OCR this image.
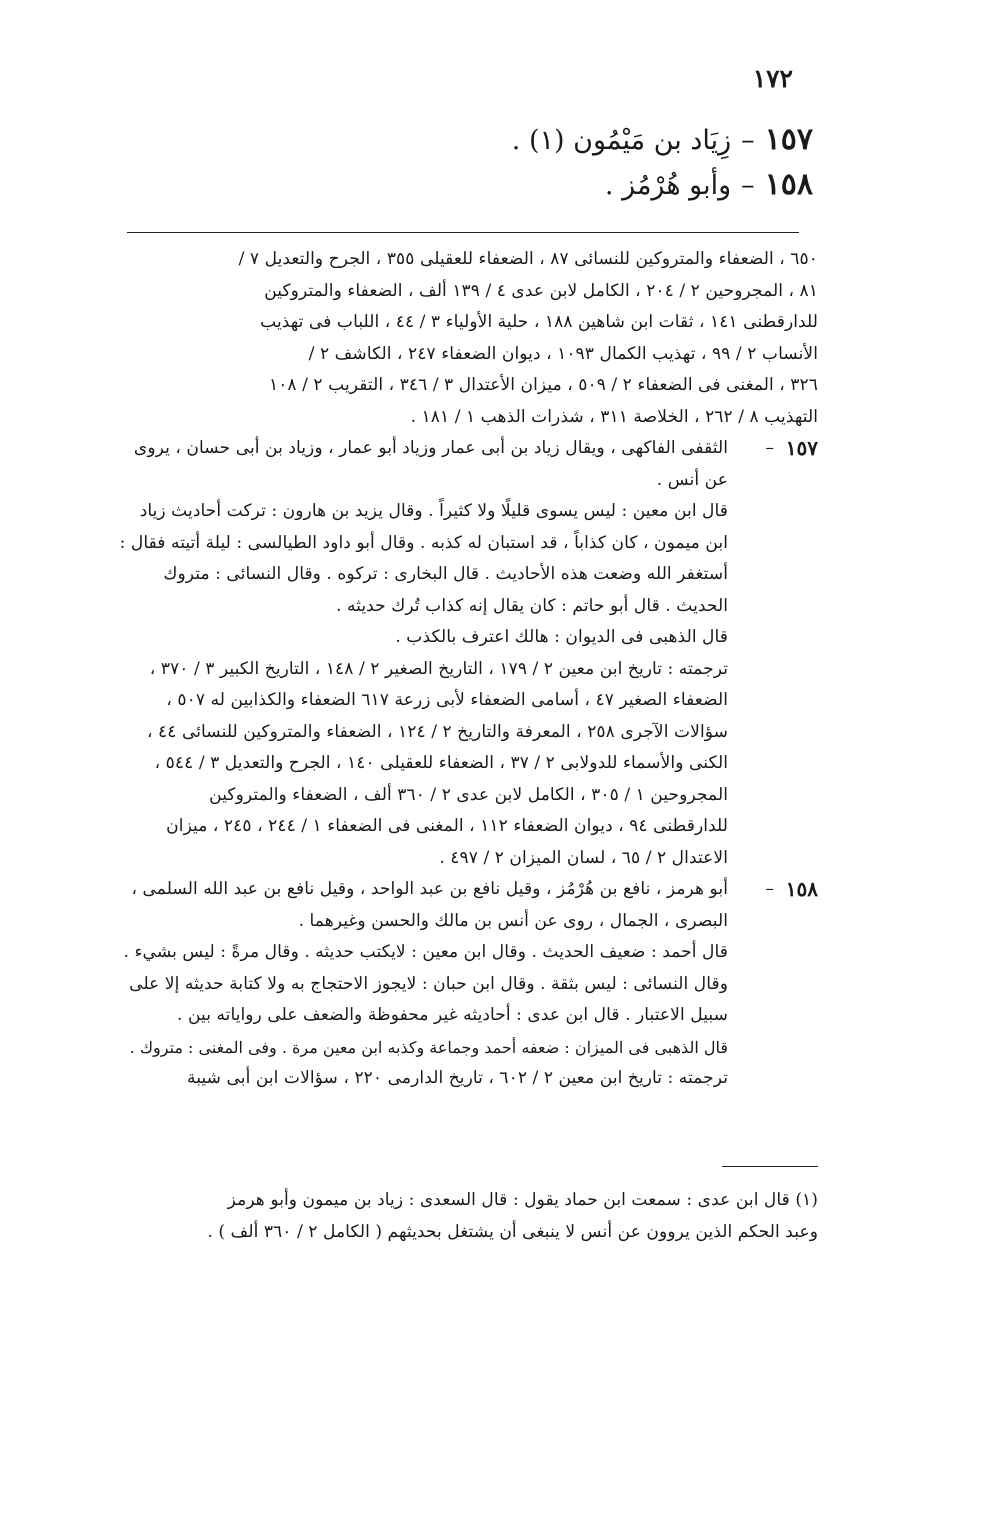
١٧٢
١٥٧–زِيَاد بن مَيْمُون (١) .
١٥٨–وأبو هُرْمُز .
٦٥٠ ، الضعفاء والمتروكين للنسائى ٨٧ ، الضعفاء للعقيلى ٣٥٥ ، الجرح والتعديل ٧ /
٨١ ، المجروحين ٢ / ٢٠٤ ، الكامل لابن عدى ٤ / ١٣٩ ألف ، الضعفاء والمتروكين
للدارقطنى ١٤١ ، ثقات ابن شاهين ١٨٨ ، حلية الأولياء ٣ / ٤٤ ، اللباب فى تهذيب
الأنساب ٢ / ٩٩ ، تهذيب الكمال ١٠٩٣ ، ديوان الضعفاء ٢٤٧ ، الكاشف ٢ /
٣٢٦ ، المغنى فى الضعفاء ٢ / ٥٠٩ ، ميزان الأعتدال ٣ / ٣٤٦ ، التقريب ٢ / ١٠٨
التهذيب ٨ / ٢٦٢ ، الخلاصة ٣١١ ، شذرات الذهب ١ / ١٨١ .
١٥٧
–
الثقفى الفاكهى ، ويقال زياد بن أبى عمار وزياد أبو عمار ، وزياد بن أبى حسان ، يروى
عن أنس .
قال ابن معين : ليس يسوى قليلًا ولا كثيراً . وقال يزيد بن هارون : تركت أحاديث زياد
ابن ميمون ، كان كذاباً ، قد استبان له كذبه . وقال أبو داود الطيالسى : ليلة أتيته فقال :
أستغفر الله وضعت هذه الأحاديث . قال البخارى : تركوه . وقال النسائى : متروك
الحديث . قال أبو حاتم : كان يقال إنه كذاب تُرك حديثه .
قال الذهبى فى الديوان : هالك اعترف بالكذب .
ترجمته : تاريخ ابن معين ٢ / ١٧٩ ، التاريخ الصغير ٢ / ١٤٨ ، التاريخ الكبير ٣ / ٣٧٠ ،
الضعفاء الصغير ٤٧ ، أسامى الضعفاء لأبى زرعة ٦١٧ الضعفاء والكذابين له ٥٠٧ ،
سؤالات الآجرى ٢٥٨ ، المعرفة والتاريخ ٢ / ١٢٤ ، الضعفاء والمتروكين للنسائى ٤٤ ،
الكنى والأسماء للدولابى ٢ / ٣٧ ، الضعفاء للعقيلى ١٤٠ ، الجرح والتعديل ٣ / ٥٤٤ ،
المجروحين ١ / ٣٠٥ ، الكامل لابن عدى ٢ / ٣٦٠ ألف ، الضعفاء والمتروكين
للدارقطنى ٩٤ ، ديوان الضعفاء ١١٢ ، المغنى فى الضعفاء ١ / ٢٤٤ ، ٢٤٥ ، ميزان
الاعتدال ٢ / ٦٥ ، لسان الميزان ٢ / ٤٩٧ .
١٥٨
–
أبو هرمز ، نافع بن هُرْمُز ، وقيل نافع بن عبد الواحد ، وقيل نافع بن عبد الله السلمى ،
البصرى ، الجمال ، روى عن أنس بن مالك والحسن وغيرهما .
قال أحمد : ضعيف الحديث . وقال ابن معين : لايكتب حديثه . وقال مرةً : ليس بشيء .
وقال النسائى : ليس بثقة . وقال ابن حبان : لايجوز الاحتجاج به ولا كتابة حديثه إلا على
سبيل الاعتبار . قال ابن عدى : أحاديثه غير محفوظة والضعف على رواياته بين .
قال الذهبى فى الميزان : ضعفه أحمد وجماعة وكذبه ابن معين مرة . وفى المغنى : متروك .
ترجمته : تاريخ ابن معين ٢ / ٦٠٢ ، تاريخ الدارمى ٢٢٠ ، سؤالات ابن أبى شيبة
(١) قال ابن عدى : سمعت ابن حماد يقول : قال السعدى : زياد بن ميمون وأبو هرمز
وعبد الحكم الذين يروون عن أنس لا ينبغى أن يشتغل بحديثهم ( الكامل ٢ / ٣٦٠ ألف ) .
